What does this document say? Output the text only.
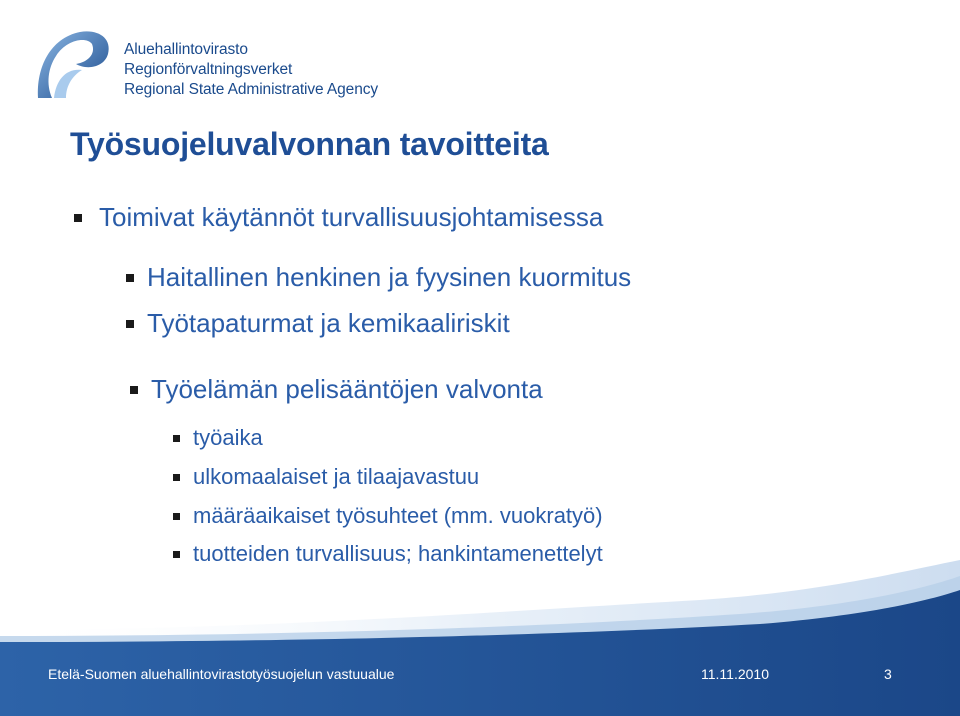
Aluehallintovirasto
Regionförvaltningsverket
Regional State Administrative Agency
Työsuojeluvalvonnan tavoitteita
Toimivat käytännöt turvallisuusjohtamisessa
Haitallinen henkinen ja fyysinen kuormitus
Työtapaturmat ja kemikaaliriskit
Työelämän pelisääntöjen valvonta
työaika
ulkomaalaiset ja tilaajavastuu
määräaikaiset työsuhteet (mm. vuokratyö)
tuotteiden turvallisuus; hankintamenettelyt
Etelä-Suomen aluehallintovirasto työsuojelun vastuualue	11.11.2010	3
